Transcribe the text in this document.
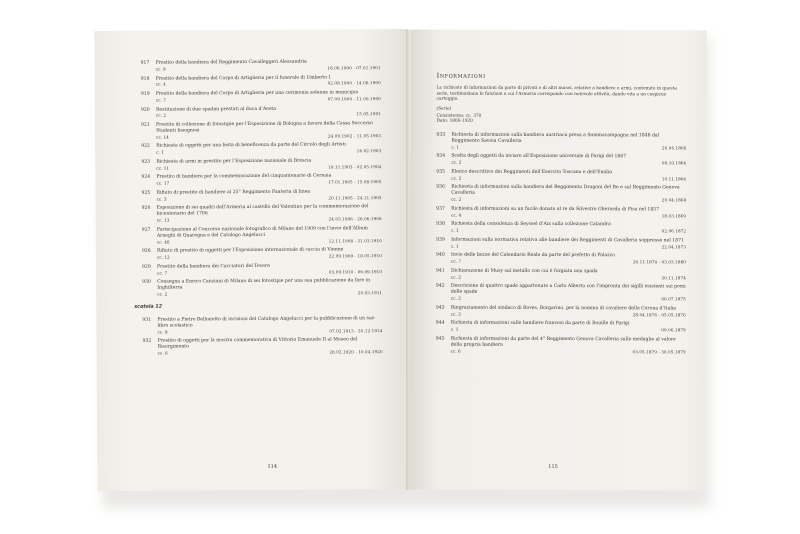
917 Prestito della bandiera del Reggimento Cavalleggeri Alessandria
cc. 9	16.06.1900 - 07.01.1901
918 Prestito della bandiera del Corpo di Artiglieria per il funerale di Umberto I
cc. 4	02.08.1900 - 14.08.1900
919 Prestito della bandiera del Corpo di Artiglieria per una cerimonia solenne in municipio
cc. 7	07.09.1900 - 11.09.1900
920 Restituzione di due spadini prestati al duca d’Aosta
cc. 2	15.05.1901
921 Prestito di collezione di fotostipie per l’Esposizione di Bologna a favore della Cassa Soccorso Studenti bisognosi
cc. 14	24.09.1902 - 11.05.1903
922 Richiesta di oggetti per una festa di beneficenza da parte del Circolo degli Artisti
c. 1	16.02.1903
923 Richiesta di armi in prestito per l’Esposizione nazionale di Brescia
cc. 11	19.11.1903 - 02.05.1904
924 Prestito di bandiere per la commemorazione del cinquantenario di Cernaia
cc. 17	17.01.1905 - 15.08.1905
925 Rifiuto di prestito di bandiere al 25° Reggimento Fanteria di linea
cc. 3	20.11.1905 - 24.11.1905
926 Esposizione di sei quadri dell’Armeria al castello del Valentino per la commemorazione del bicentenario del 1706
cc. 13	24.03.1906 - 28.06.1906
927 Partecipazione al Concorso nazionale fotografico di Milano del 1909 con l’invio dell’Album Arneghi di Quaregna e del Catalogo Angelucci
cc. 40	12.11.1908 - 31.03.1910
928 Rifiuto di prestito di oggetti per l’Esposizione internazionale di caccia di Vienne
cc. 12	22.09.1909 - 18.05.1910
929 Prestito della bandiera dei Cacciatori del Tevere
cc. 7	03.09.1910 - 06.09.1910
930 Consegna a Enrico Canziani di Milano di sei fotostipie per una sua pubblicazione da fare in Inghilterra
cc. 2	20.03.1911
scatola 12
931 Prestito a Pietro Bellonotto di incisioni del Catalogo Angelucci per la pubblicazione di un suo libro scolastico
cc. 9	07.02.1913 - 20.12.1914
932 Prestito di oggetti per la mostra commemorativa di Vittorio Emanuele II al Museo del Risorgimento
cc. 6	28.02.1920 - 10.04.1920
114
Informazioni
Le richieste di informazioni da parte di privati e di altri musei, relative a bandiere e armi, contenute in questa serie, testimoniano le funzioni a cui l’Armeria corrisponde con notevole attività, dando vita a un cospicuo carteggio.
(Serie)
Consistenza: cc. 370
Date: 1866-1920
933 Richiesta di informazioni sulla bandiera austriaca presa a Sommacampagna nel 1848 dal Reggimento Savoia Cavalleria
c. 1	26.06.1866
934 Scelta degli oggetti da inviare all’Esposizione universale di Parigi del 1867
cc. 2	09.10.1866
935 Elenco descrittivo dei Reggimenti dell’Esercito Toscano e dell’Emilia
cc. 2	10.11.1866
936 Richiesta di informazioni sulla bandiera del Reggimento Dragoni del Re e sul Reggimento Genova Cavalleria
cc. 2	20.04.1868
937 Richiesta di informazioni su un fucile donato al re da Silvestro Gherardu di Pisa nel 1857
cc. 4	18.03.1869
938 Richiesta della consulenza di Seyssel d’Aix sulla collezione Calandra
c. 1	02.06.1872
939 Informazioni sulla normativa relativa alle bandiere dei Reggimenti di Cavalleria soppresse nel 1871
c. 1	22.04.1873
940 Invio delle bozze del Calendario Reale da parte del prefetto di Palazzo
cc. 7	26.11.1874 - 03.03.1880
941 Dichiarazione di Musy sul metallo con cui è forgiata una spada
cc. 2	30.11.1874
942 Descrizione di quattro spade appartenute a Carlo Alberto con l’impronta dei sigilli esistenti sui pomi delle spade
cc. 2	06.07.1875
943 Ringraziamento del sindaco di Boves, Borgarino, per la nomina di cavaliere della Corona d’Italia
cc. 3	28.04.1876 - 05.05.1876
944 Richiesta di informazioni sulle bandiere francesi da parte di Bouille di Parigi
c. 1	09.06.1879
945 Richiesta di informazioni da parte del 4° Reggimento Genova Cavalleria sulle medaglie al valore della propria bandiera
cc. 6	03.05.1879 - 30.05.1879
115
